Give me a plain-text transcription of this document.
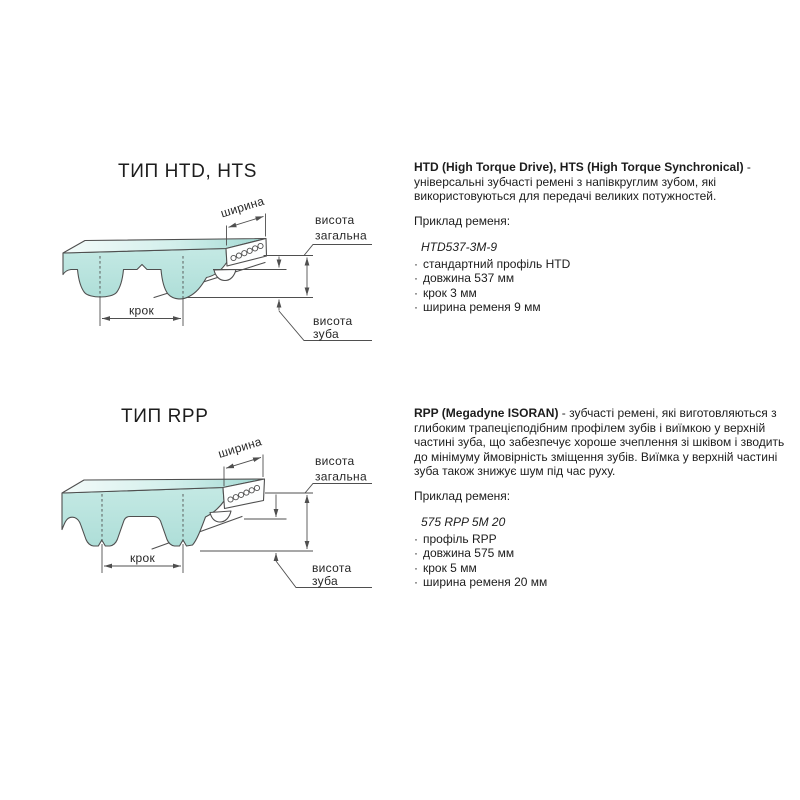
ТИП HTD, HTS
ТИП RPP
крок
ширина	висота
загальна
висота
зуба
крок
ширина
висота
загальна
висота
зуба

HTD (High Torque Drive), HTS (High Torque Synchronical) - універсальні зубчасті ремені з напівкруглим зубом, які використовуються для передачі великих потужностей.

Приклад ременя:

HTD537-3M-9

· стандартний профіль HTD
· довжина 537 мм
· крок 3 мм
· ширина ременя 9 мм

RPP (Megadyne ISORAN) - зубчасті ремені, які виготовляються з глибоким трапецієподібним профілем зубів і виїмкою у верхній частині зуба, що забезпечує хороше зчеплення зі шківом і зводить до мінімуму ймовірність зміщення зубів. Виїмка у верхній частині зуба також знижує шум під час руху.

Приклад ременя:

575 RPP 5M 20

· профіль RPP
· довжина 575 мм
· крок 5 мм
· ширина ременя 20 мм
